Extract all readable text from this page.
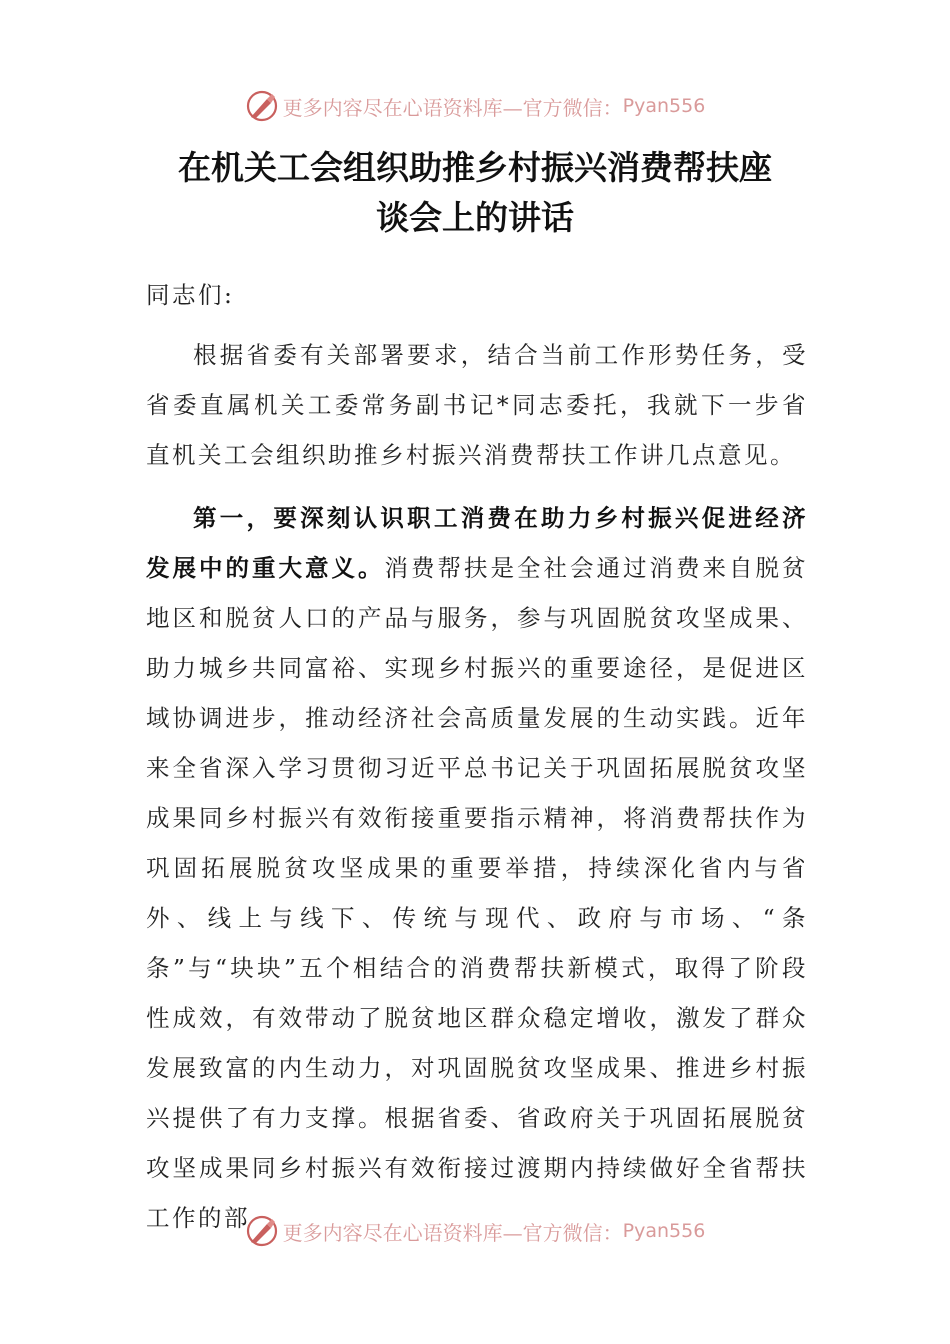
更多内容尽在心语资料库—官方微信： Pyan556
在机关工会组织助推乡村振兴消费帮扶座
谈会上的讲话

同志们:

根据省委有关部署要求，结合当前工作形势任务，受省委直属机关工委常务副书记*同志委托，我就下一步省直机关工会组织助推乡村振兴消费帮扶工作讲几点意见。

第一，要深刻认识职工消费在助力乡村振兴促进经济发展中的重大意义。消费帮扶是全社会通过消费来自脱贫地区和脱贫人口的产品与服务，参与巩固脱贫攻坚成果、助力城乡共同富裕、实现乡村振兴的重要途径，是促进区域协调进步，推动经济社会高质量发展的生动实践。近年来全省深入学习贯彻习近平总书记关于巩固拓展脱贫攻坚成果同乡村振兴有效衔接重要指示精神，将消费帮扶作为巩固拓展脱贫攻坚成果的重要举措，持续深化省内与省外、线上与线下、传统与现代、政府与市场、“条条”与“块块”五个相结合的消费帮扶新模式，取得了阶段性成效，有效带动了脱贫地区群众稳定增收，激发了群众发展致富的内生动力，对巩固脱贫攻坚成果、推进乡村振兴提供了有力支撑。根据省委、省政府关于巩固拓展脱贫攻坚成果同乡村振兴有效衔接过渡期内持续做好全省帮扶工作的部

更多内容尽在心语资料库—官方微信： Pyan556
